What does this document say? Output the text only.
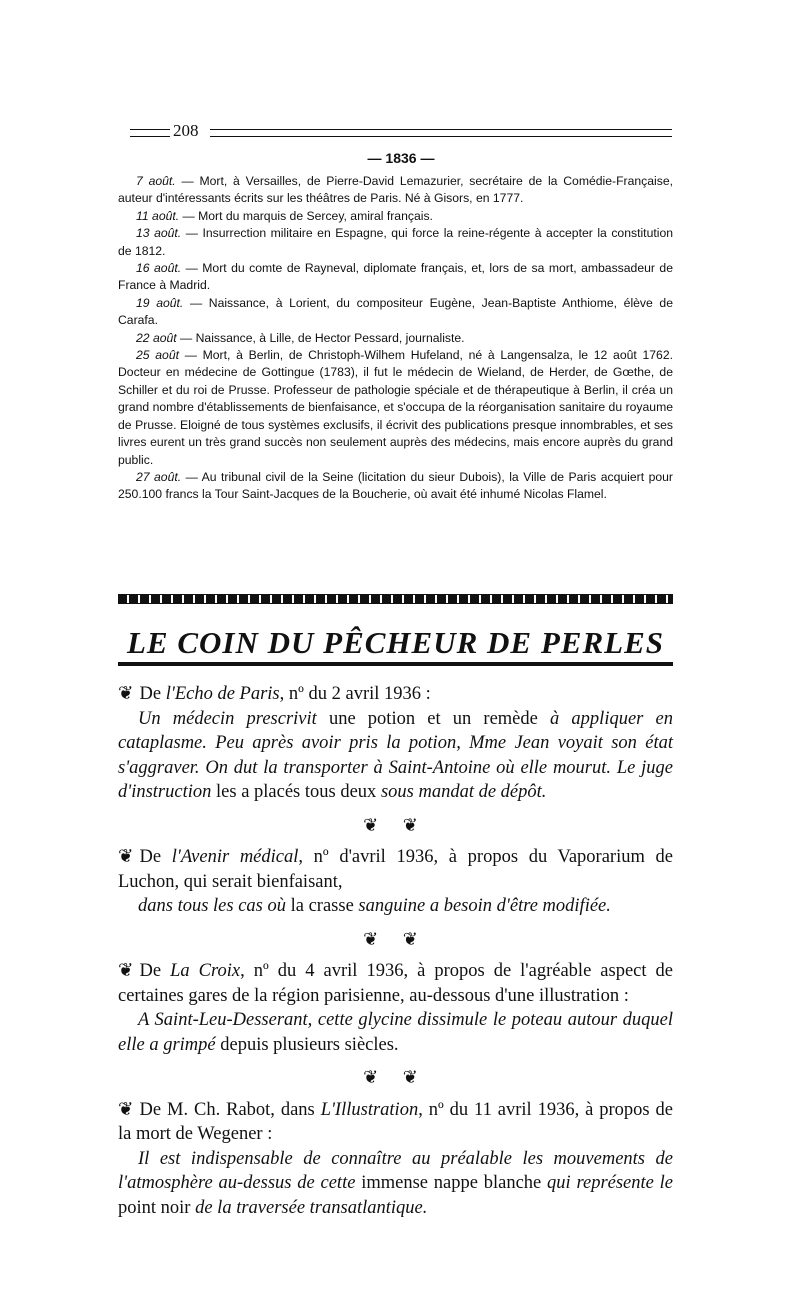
208
— 1836 —

7 août. — Mort, à Versailles, de Pierre-David Lemazurier, secrétaire de la Comédie-Française, auteur d'intéressants écrits sur les théâtres de Paris. Né à Gisors, en 1777.

11 août. — Mort du marquis de Sercey, amiral français.

13 août. — Insurrection militaire en Espagne, qui force la reine-régente à accepter la constitution de 1812.

16 août. — Mort du comte de Rayneval, diplomate français, et, lors de sa mort, ambassadeur de France à Madrid.

19 août. — Naissance, à Lorient, du compositeur Eugène, Jean-Baptiste Anthiome, élève de Carafa.

22 août — Naissance, à Lille, de Hector Pessard, journaliste.

25 août — Mort, à Berlin, de Christoph-Wilhem Hufeland, né à Langensalza, le 12 août 1762. Docteur en médecine de Gottingue (1783), il fut le médecin de Wieland, de Herder, de Gœthe, de Schiller et du roi de Prusse. Professeur de pathologie spéciale et de thérapeutique à Berlin, il créa un grand nombre d'établissements de bienfaisance, et s'occupa de la réorganisation sanitaire du royaume de Prusse. Eloigné de tous systèmes exclusifs, il écrivit des publications presque innombrables, et ses livres eurent un très grand succès non seulement auprès des médecins, mais encore auprès du grand public.

27 août. — Au tribunal civil de la Seine (licitation du sieur Dubois), la Ville de Paris acquiert pour 250.100 francs la Tour Saint-Jacques de la Boucherie, où avait été inhumé Nicolas Flamel.

LE COIN DU PÊCHEUR DE PERLES

❦ De l'Echo de Paris, nº du 2 avril 1936 :

Un médecin prescrivit une potion et un remède à appliquer en cataplasme. Peu après avoir pris la potion, Mme Jean voyait son état s'aggraver. On dut la transporter à Saint-Antoine où elle mourut. Le juge d'instruction les a placés tous deux sous mandat de dépôt.

❦ ❦

❦ De l'Avenir médical, nº d'avril 1936, à propos du Vaporarium de Luchon, qui serait bienfaisant,

dans tous les cas où la crasse sanguine a besoin d'être modifiée.

❦ ❦

❦ De La Croix, nº du 4 avril 1936, à propos de l'agréable aspect de certaines gares de la région parisienne, au-dessous d'une illustration :

A Saint-Leu-Desserant, cette glycine dissimule le poteau autour duquel elle a grimpé depuis plusieurs siècles.

❦ ❦

❦ De M. Ch. Rabot, dans L'Illustration, nº du 11 avril 1936, à propos de la mort de Wegener :

Il est indispensable de connaître au préalable les mouvements de l'atmosphère au-dessus de cette immense nappe blanche qui représente le point noir de la traversée transatlantique.
